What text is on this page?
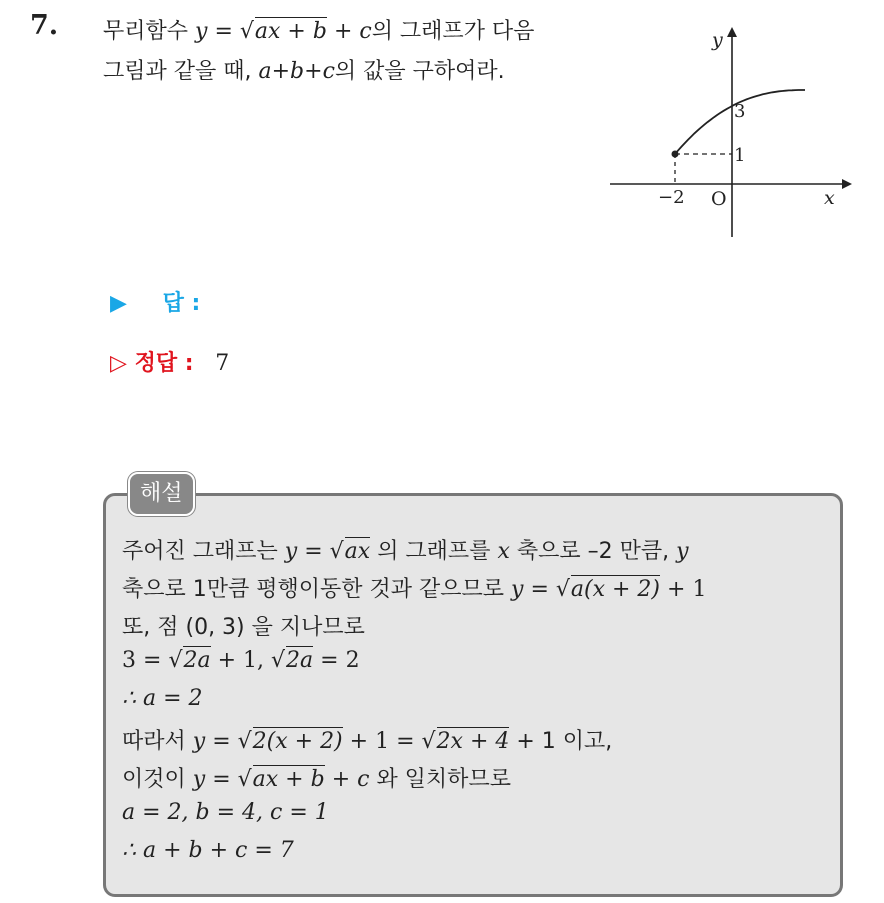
7. 무리함수 y = √ax + b + c의 그래프가 다음
그림과 같을 때, a+b+c의 값을 구하여라.
y
x
O
3
1
−2
▶ 답 :
▷ 정답 : 7
해설
주어진 그래프는 y = √ax 의 그래프를 x 축으로 –2 만큼, y
축으로 1만큼 평행이동한 것과 같으므로 y = √a(x + 2) + 1
또, 점 (0, 3) 을 지나므로
3 = √2a + 1, √2a = 2
∴ a = 2
따라서 y = √2(x + 2) + 1 = √2x + 4 + 1 이고,
이것이 y = √ax + b + c 와 일치하므로
a = 2, b = 4, c = 1
∴ a + b + c = 7
